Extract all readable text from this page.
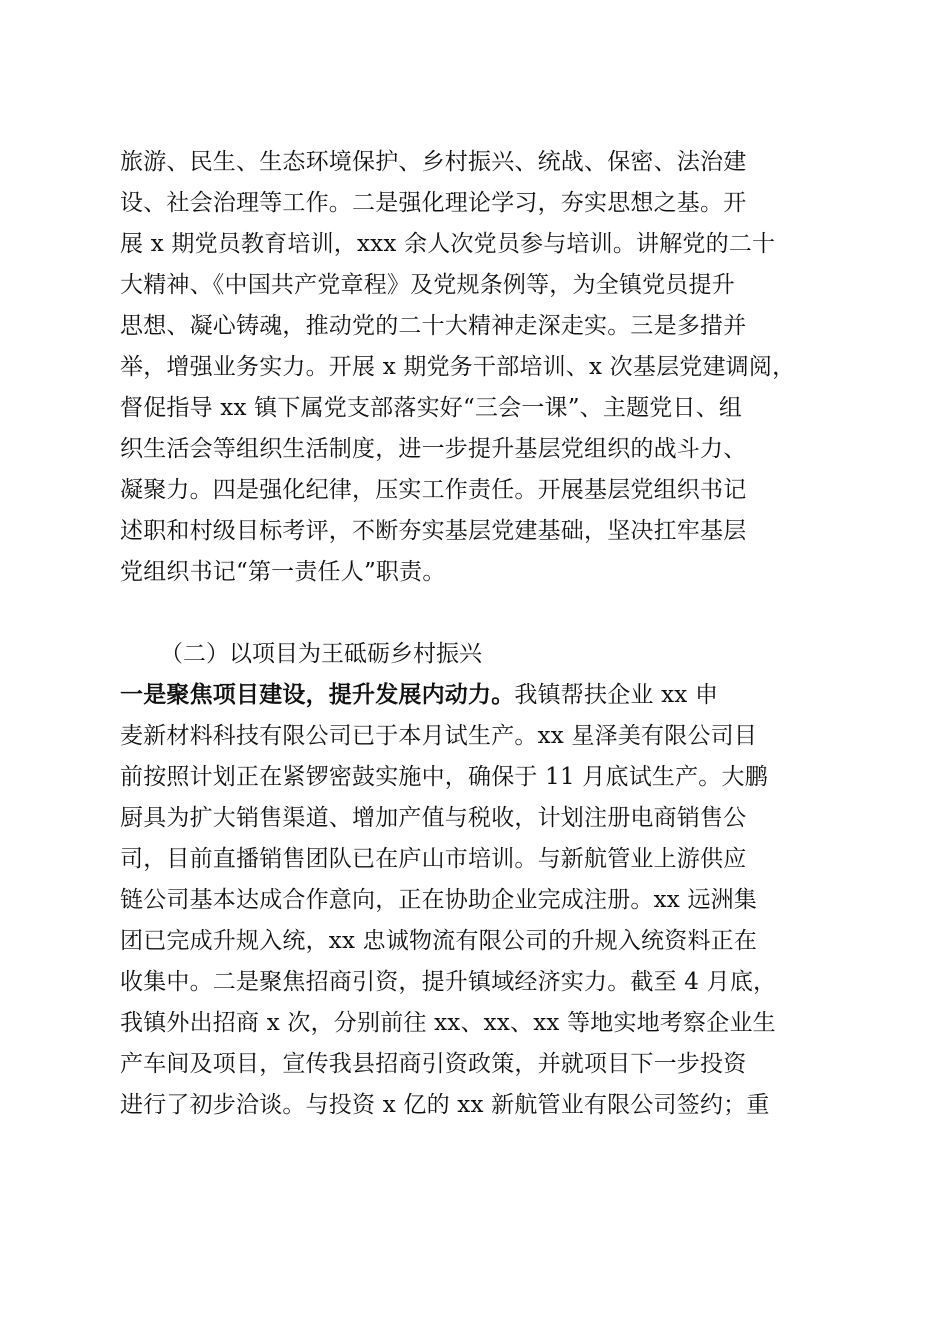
旅游、民生、生态环境保护、乡村振兴、统战、保密、法治建
设、社会治理等工作。二是强化理论学习，夯实思想之基。开
展 x 期党员教育培训，xxx 余人次党员参与培训。讲解党的二十
大精神、《中国共产党章程》及党规条例等，为全镇党员提升
思想、凝心铸魂，推动党的二十大精神走深走实。三是多措并
举，增强业务实力。开展 x 期党务干部培训、x 次基层党建调阅，
督促指导 xx 镇下属党支部落实好“三会一课”、主题党日、组
织生活会等组织生活制度，进一步提升基层党组织的战斗力、
凝聚力。四是强化纪律，压实工作责任。开展基层党组织书记
述职和村级目标考评，不断夯实基层党建基础，坚决扛牢基层
党组织书记“第一责任人”职责。
（二）以项目为王砥砺乡村振兴
一是聚焦项目建设，提升发展内动力。我镇帮扶企业 xx 申
麦新材料科技有限公司已于本月试生产。xx 星泽美有限公司目
前按照计划正在紧锣密鼓实施中，确保于 11 月底试生产。大鹏
厨具为扩大销售渠道、增加产值与税收，计划注册电商销售公
司，目前直播销售团队已在庐山市培训。与新航管业上游供应
链公司基本达成合作意向，正在协助企业完成注册。xx 远洲集
团已完成升规入统，xx 忠诚物流有限公司的升规入统资料正在
收集中。二是聚焦招商引资，提升镇域经济实力。截至 4 月底，
我镇外出招商 x 次，分别前往 xx、xx、xx 等地实地考察企业生
产车间及项目，宣传我县招商引资政策，并就项目下一步投资
进行了初步洽谈。与投资 x 亿的 xx 新航管业有限公司签约；重
